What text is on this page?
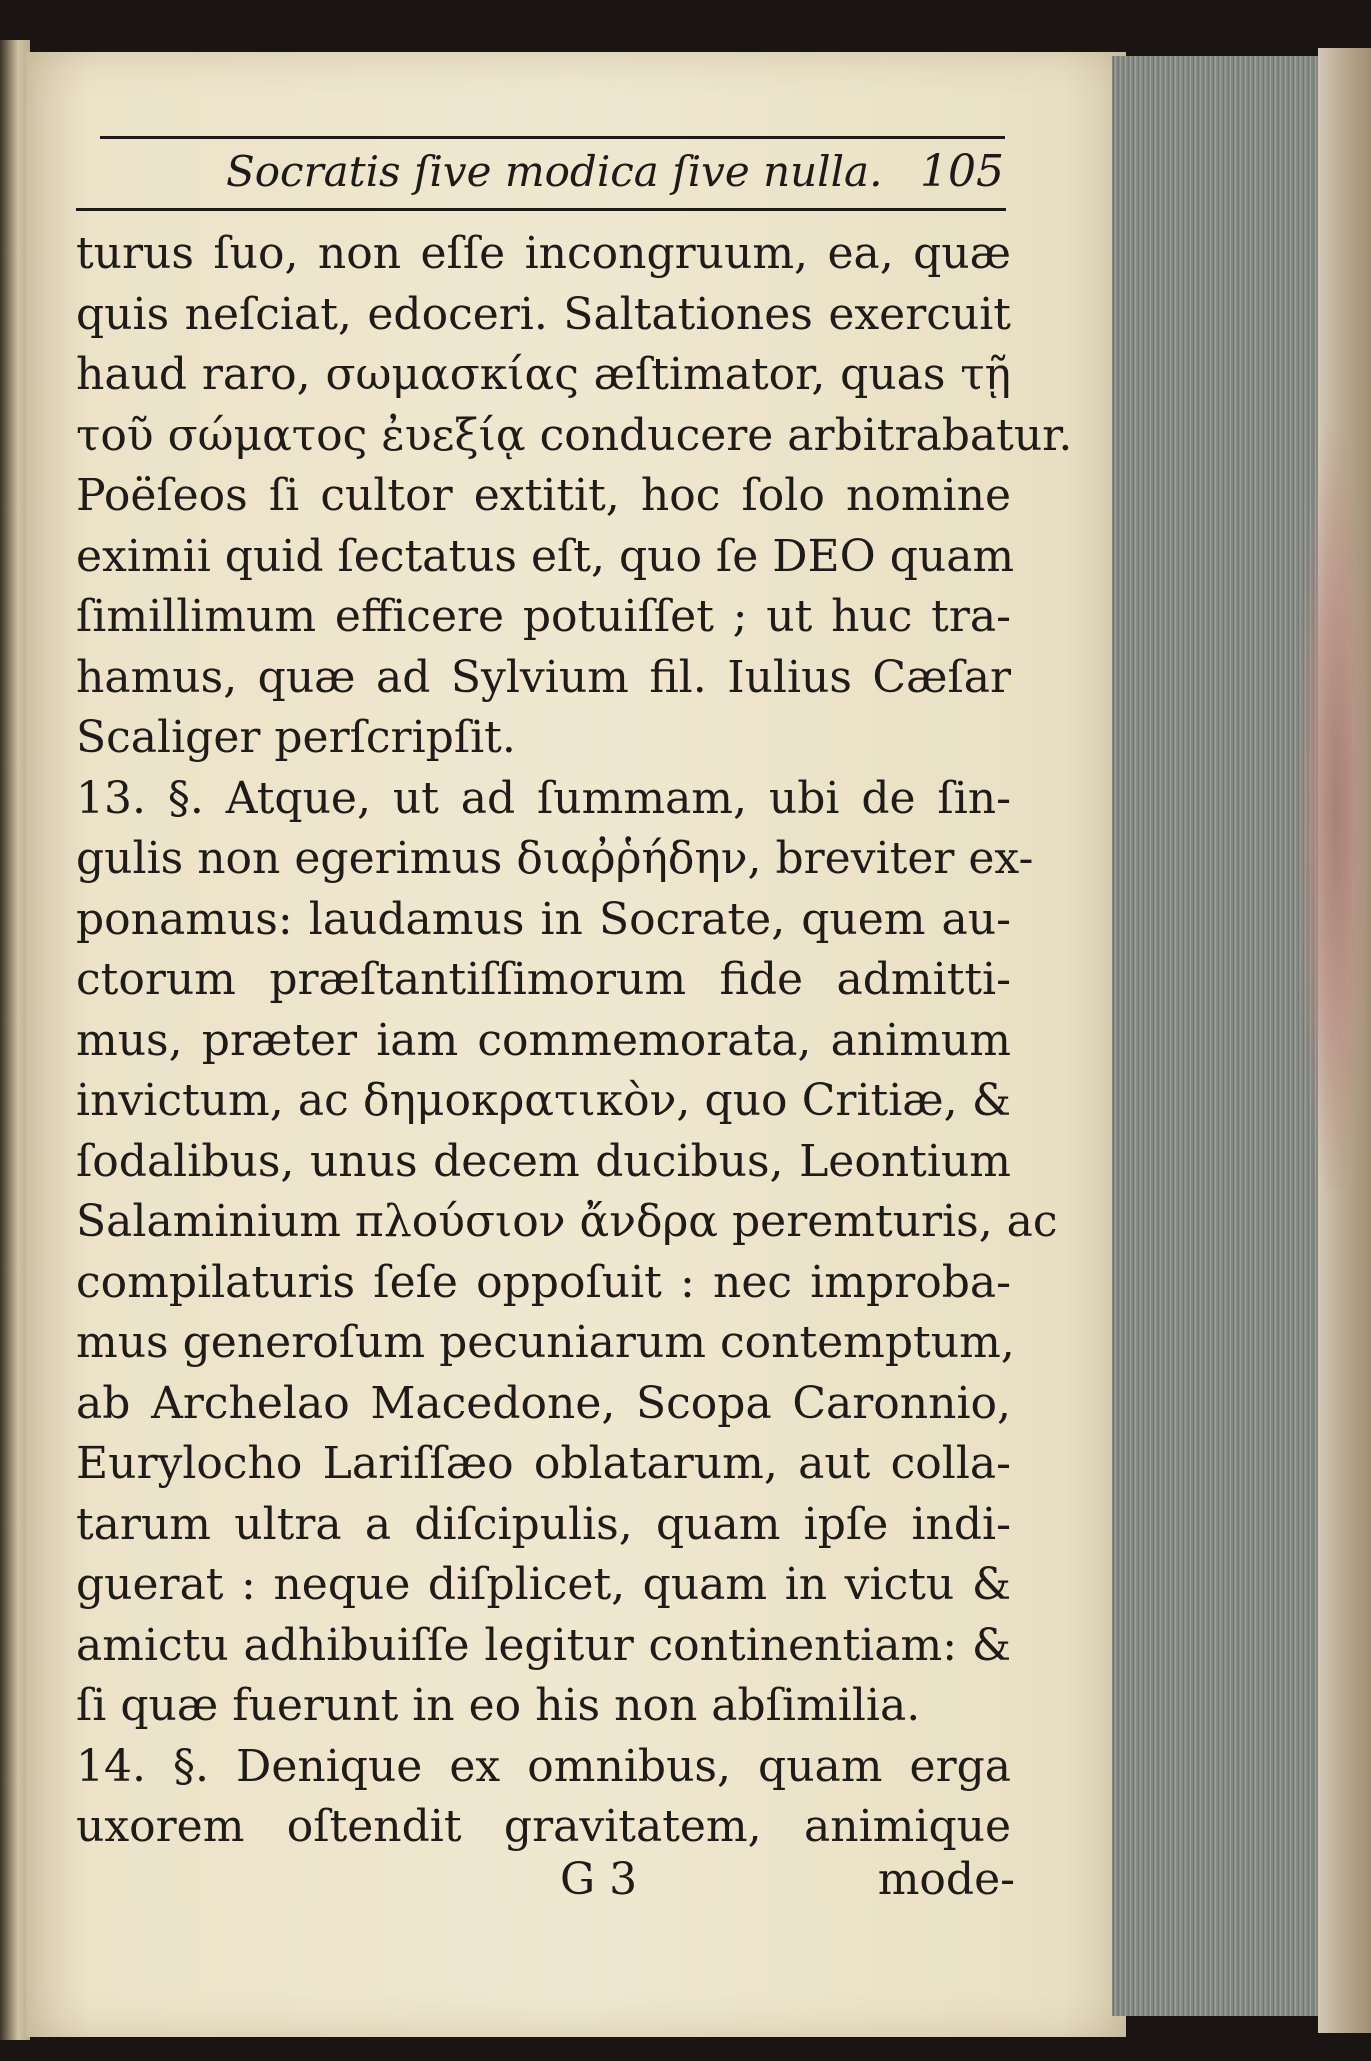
Socratis ſive modica ſive nulla. 105
turus ſuo, non eſſe incongruum, ea, quæ
quis neſciat, edoceri. Saltationes exercuit
haud raro, σωμασκίας æſtimator, quas τῇ
τοῦ σώματος ἐυεξίᾳ conducere arbitrabatur.
Poëſeos ſi cultor extitit, hoc ſolo nomine
eximii quid ſectatus eſt, quo ſe DEO quam
ſimillimum efficere potuiſſet ; ut huc tra-
hamus, quæ ad Sylvium fil. Iulius Cæſar
Scaliger perſcripſit.
13. §. Atque, ut ad ſummam, ubi de ſin-
gulis non egerimus διαῤῥήδην, breviter ex-
ponamus: laudamus in Socrate, quem au-
ctorum præſtantiſſimorum fide admitti-
mus, præter iam commemorata, animum
invictum, ac δημοκρατικὸν, quo Critiæ, &
ſodalibus, unus decem ducibus, Leontium
Salaminium πλούσιον ἄνδρα peremturis, ac
compilaturis ſeſe oppoſuit : nec improba-
mus generoſum pecuniarum contemptum,
ab Archelao Macedone, Scopa Caronnio,
Eurylocho Lariſſæo oblatarum, aut colla-
tarum ultra a diſcipulis, quam ipſe indi-
guerat : neque diſplicet, quam in victu &
amictu adhibuiſſe legitur continentiam: &
ſi quæ fuerunt in eo his non abſimilia.
14. §. Denique ex omnibus, quam erga
uxorem oſtendit gravitatem, animique
G 3	mode-
